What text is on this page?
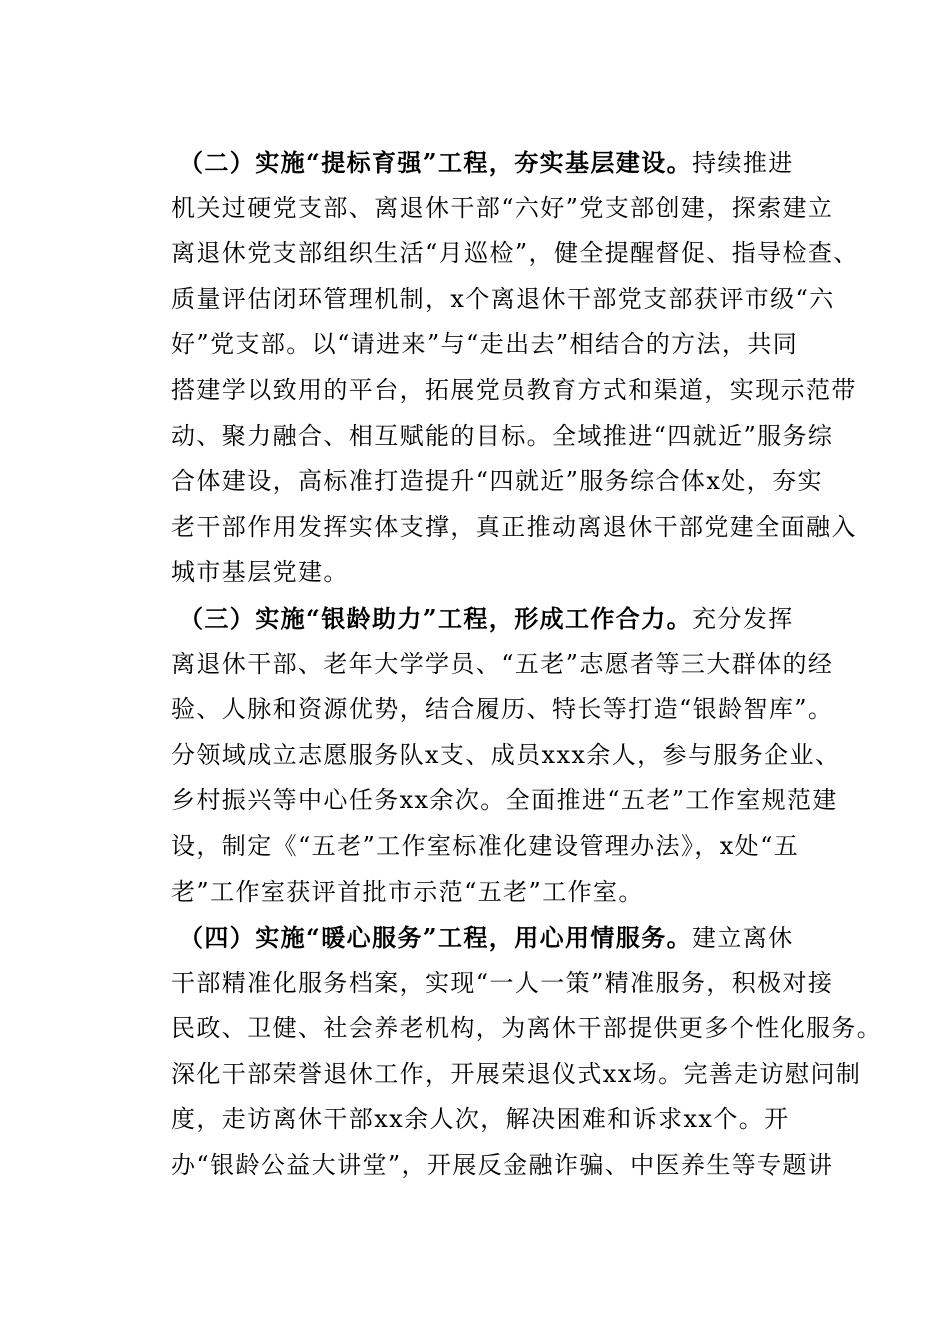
（二）实施“提标育强”工程，夯实基层建设。持续推进
机关过硬党支部、离退休干部“六好”党支部创建，探索建立
离退休党支部组织生活“月巡检”，健全提醒督促、指导检查、
质量评估闭环管理机制，x个离退休干部党支部获评市级“六
好”党支部。以“请进来”与“走出去”相结合的方法，共同
搭建学以致用的平台，拓展党员教育方式和渠道，实现示范带
动、聚力融合、相互赋能的目标。全域推进“四就近”服务综
合体建设，高标准打造提升“四就近”服务综合体x处，夯实
老干部作用发挥实体支撑，真正推动离退休干部党建全面融入
城市基层党建。
（三）实施“银龄助力”工程，形成工作合力。充分发挥
离退休干部、老年大学学员、“五老”志愿者等三大群体的经
验、人脉和资源优势，结合履历、特长等打造“银龄智库”。
分领域成立志愿服务队x支、成员xxx余人，参与服务企业、
乡村振兴等中心任务xx余次。全面推进“五老”工作室规范建
设，制定《“五老”工作室标准化建设管理办法》，x处“五
老”工作室获评首批市示范“五老”工作室。
（四）实施“暖心服务”工程，用心用情服务。建立离休
干部精准化服务档案，实现“一人一策”精准服务，积极对接
民政、卫健、社会养老机构，为离休干部提供更多个性化服务。
深化干部荣誉退休工作，开展荣退仪式xx场。完善走访慰问制
度，走访离休干部xx余人次，解决困难和诉求xx个。开
办“银龄公益大讲堂”，开展反金融诈骗、中医养生等专题讲
